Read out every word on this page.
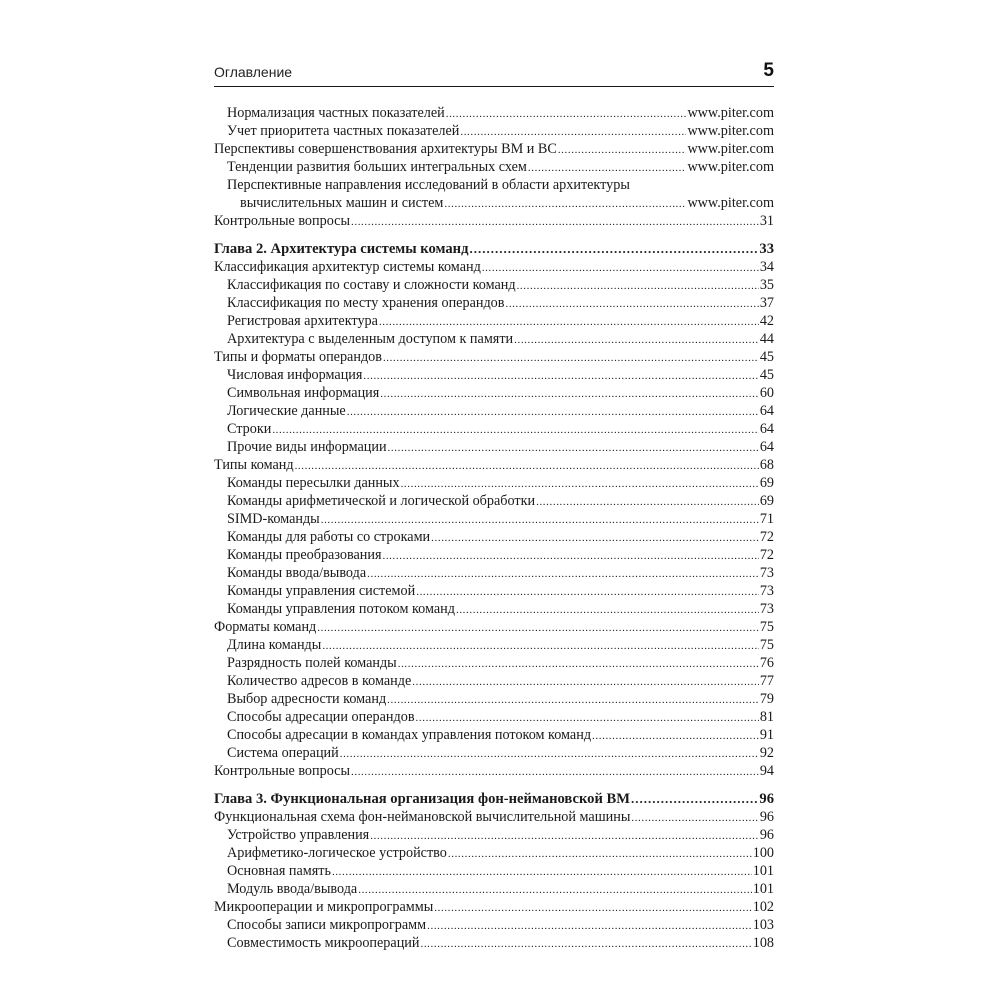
Оглавление	5
Нормализация частных показателей .....	www.piter.com
Учет приоритета частных показателей .....	www.piter.com
Перспективы совершенствования архитектуры ВМ и ВС .....	www.piter.com
Тенденции развития больших интегральных схем .....	www.piter.com
Перспективные направления исследований в области архитектуры
вычислительных машин и систем .....	www.piter.com
Контрольные вопросы .....	31
Глава 2. Архитектура системы команд .....	33
Классификация архитектур системы команд .....	34
Классификация по составу и сложности команд .....	35
Классификация по месту хранения операндов .....	37
Регистровая архитектура .....	42
Архитектура с выделенным доступом к памяти .....	44
Типы и форматы операндов .....	45
Числовая информация .....	45
Символьная информация .....	60
Логические данные .....	64
Строки .....	64
Прочие виды информации .....	64
Типы команд .....	68
Команды пересылки данных .....	69
Команды арифметической и логической обработки .....	69
SIMD-команды .....	71
Команды для работы со строками .....	72
Команды преобразования .....	72
Команды ввода/вывода .....	73
Команды управления системой .....	73
Команды управления потоком команд .....	73
Форматы команд .....	75
Длина команды .....	75
Разрядность полей команды .....	76
Количество адресов в команде .....	77
Выбор адресности команд .....	79
Способы адресации операндов .....	81
Способы адресации в командах управления потоком команд .....	91
Система операций .....	92
Контрольные вопросы .....	94
Глава 3. Функциональная организация фон-неймановской ВМ .....	96
Функциональная схема фон-неймановской вычислительной машины .....	96
Устройство управления .....	96
Арифметико-логическое устройство .....	100
Основная память .....	101
Модуль ввода/вывода .....	101
Микрооперации и микропрограммы .....	102
Способы записи микропрограмм .....	103
Совместимость микроопераций .....	108
